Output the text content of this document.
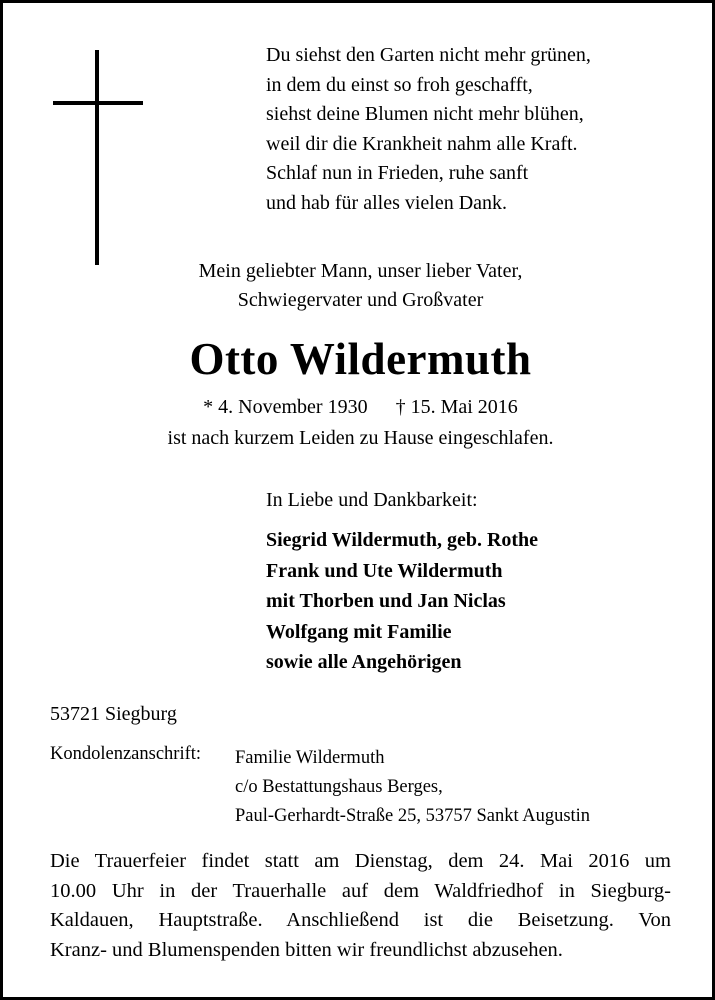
Du siehst den Garten nicht mehr grünen,
in dem du einst so froh geschafft,
siehst deine Blumen nicht mehr blühen,
weil dir die Krankheit nahm alle Kraft.
Schlaf nun in Frieden, ruhe sanft
und hab für alles vielen Dank.
Mein geliebter Mann, unser lieber Vater,
Schwiegervater und Großvater
Otto Wildermuth
* 4. November 1930 † 15. Mai 2016
ist nach kurzem Leiden zu Hause eingeschlafen.
In Liebe und Dankbarkeit:
Siegrid Wildermuth, geb. Rothe
Frank und Ute Wildermuth
mit Thorben und Jan Niclas
Wolfgang mit Familie
sowie alle Angehörigen
53721 Siegburg
Kondolenzanschrift: Familie Wildermuth
c/o Bestattungshaus Berges,
Paul-Gerhardt-Straße 25, 53757 Sankt Augustin
Die Trauerfeier findet statt am Dienstag, dem 24. Mai 2016 um
10.00 Uhr in der Trauerhalle auf dem Waldfriedhof in Siegburg-
Kaldauen, Hauptstraße. Anschließend ist die Beisetzung. Von
Kranz- und Blumenspenden bitten wir freundlichst abzusehen.
